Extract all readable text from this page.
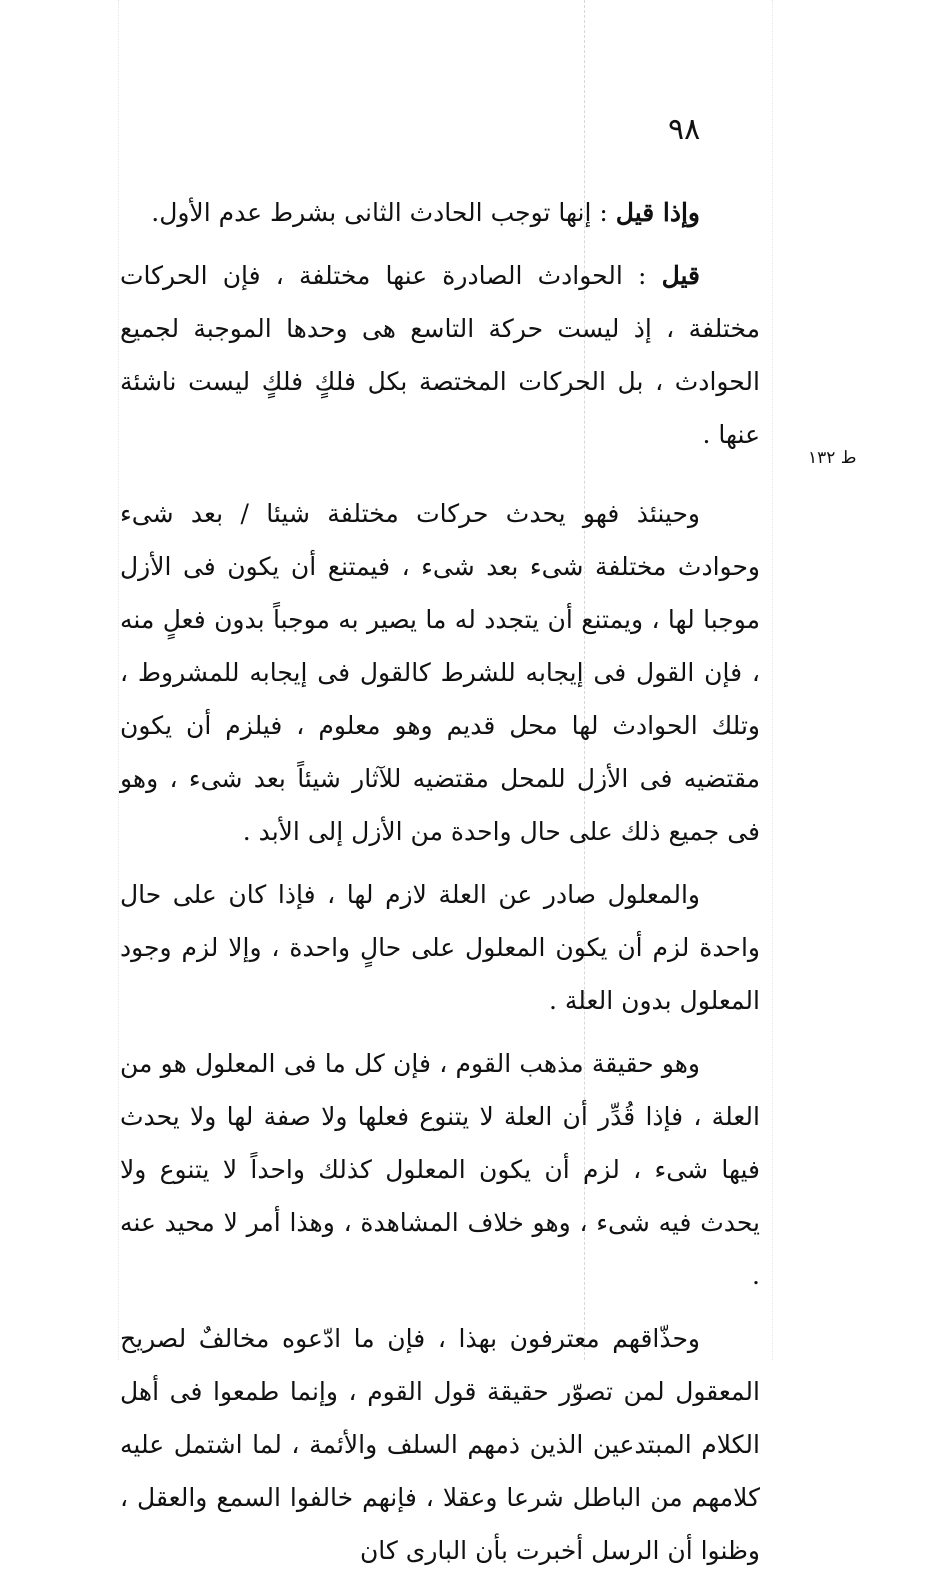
٩٨
ط ١٣٢

وإذا قيل : إنها توجب الحادث الثانى بشرط عدم الأول.

قيل : الحوادث الصادرة عنها مختلفة ، فإن الحركات مختلفة ، إذ ليست حركة التاسع هى وحدها الموجبة لجميع الحوادث ، بل الحركات المختصة بكل فلكٍ فلكٍ ليست ناشئة عنها .

وحينئذ فهو يحدث حركات مختلفة شيئا / بعد شىء وحوادث مختلفة شىء بعد شىء ، فيمتنع أن يكون فى الأزل موجبا لها ، ويمتنع أن يتجدد له ما يصير به موجباً بدون فعلٍ منه ، فإن القول فى إيجابه للشرط كالقول فى إيجابه للمشروط ، وتلك الحوادث لها محل قديم وهو معلوم ، فيلزم أن يكون مقتضيه فى الأزل للمحل مقتضيه للآثار شيئاً بعد شىء ، وهو فى جميع ذلك على حال واحدة من الأزل إلى الأبد .

والمعلول صادر عن العلة لازم لها ، فإذا كان على حال واحدة لزم أن يكون المعلول على حالٍ واحدة ، وإلا لزم وجود المعلول بدون العلة .

وهو حقيقة مذهب القوم ، فإن كل ما فى المعلول هو من العلة ، فإذا قُدِّر أن العلة لا يتنوع فعلها ولا صفة لها ولا يحدث فيها شىء ، لزم أن يكون المعلول كذلك واحداً لا يتنوع ولا يحدث فيه شىء ، وهو خلاف المشاهدة ، وهذا أمر لا محيد عنه .

وحذّاقهم معترفون بهذا ، فإن ما ادّعوه مخالفٌ لصريح المعقول لمن تصوّر حقيقة قول القوم ، وإنما طمعوا فى أهل الكلام المبتدعين الذين ذمهم السلف والأئمة ، لما اشتمل عليه كلامهم من الباطل شرعا وعقلا ، فإنهم خالفوا السمع والعقل ، وظنوا أن الرسل أخبرت بأن البارى كان
